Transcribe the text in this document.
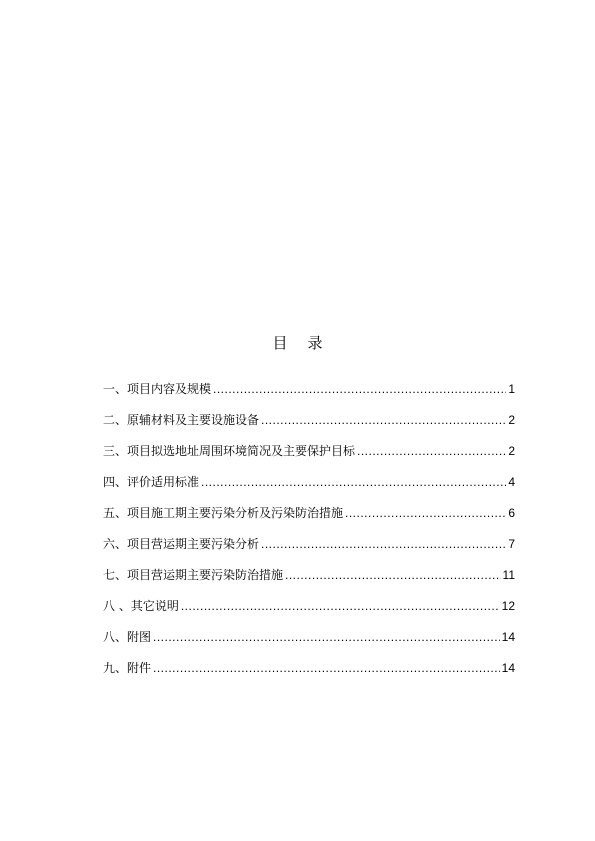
目录
一、项目内容及规模 .....	1
二、原辅材料及主要设施设备 .....	2
三、项目拟选地址周围环境简况及主要保护目标 .....	2
四、评价适用标准 .....	4
五、项目施工期主要污染分析及污染防治措施 .....	6
六、项目营运期主要污染分析 .....	7
七、项目营运期主要污染防治措施 .....	11
八 、其它说明 .....	12
八、附图 .....	14
九、附件 .....	14
